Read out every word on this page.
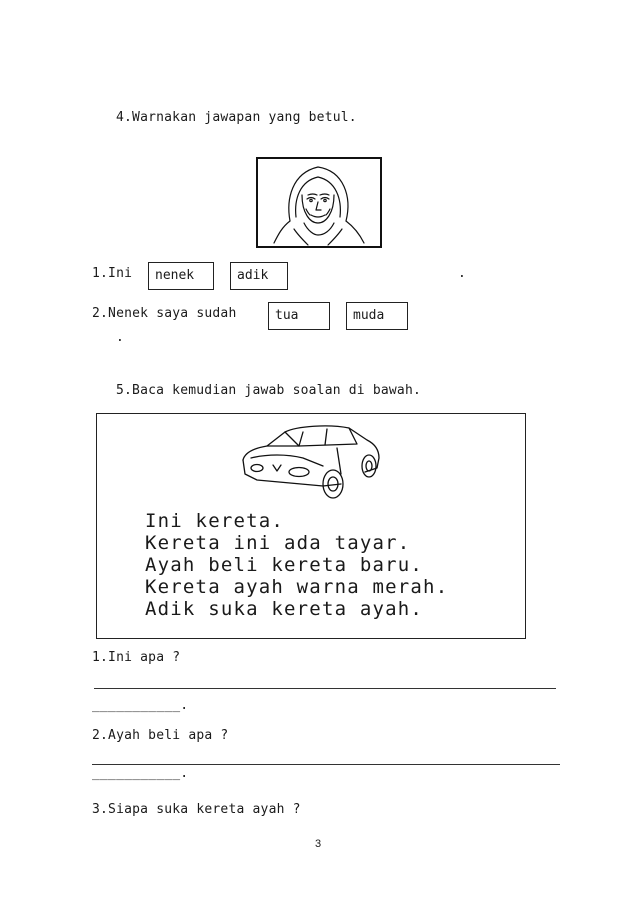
4.Warnakan jawapan yang betul.
1.Ini	nenek	adik	.
2.Nenek saya sudah	tua	muda
.
5.Baca kemudian jawab soalan di bawah.
Ini kereta.
Kereta ini ada tayar.
Ayah beli kereta baru.
Kereta ayah warna merah.
Adik suka kereta ayah.
1.Ini apa ?
___________.
2.Ayah beli apa ?
___________.
3.Siapa suka kereta ayah ?
3
